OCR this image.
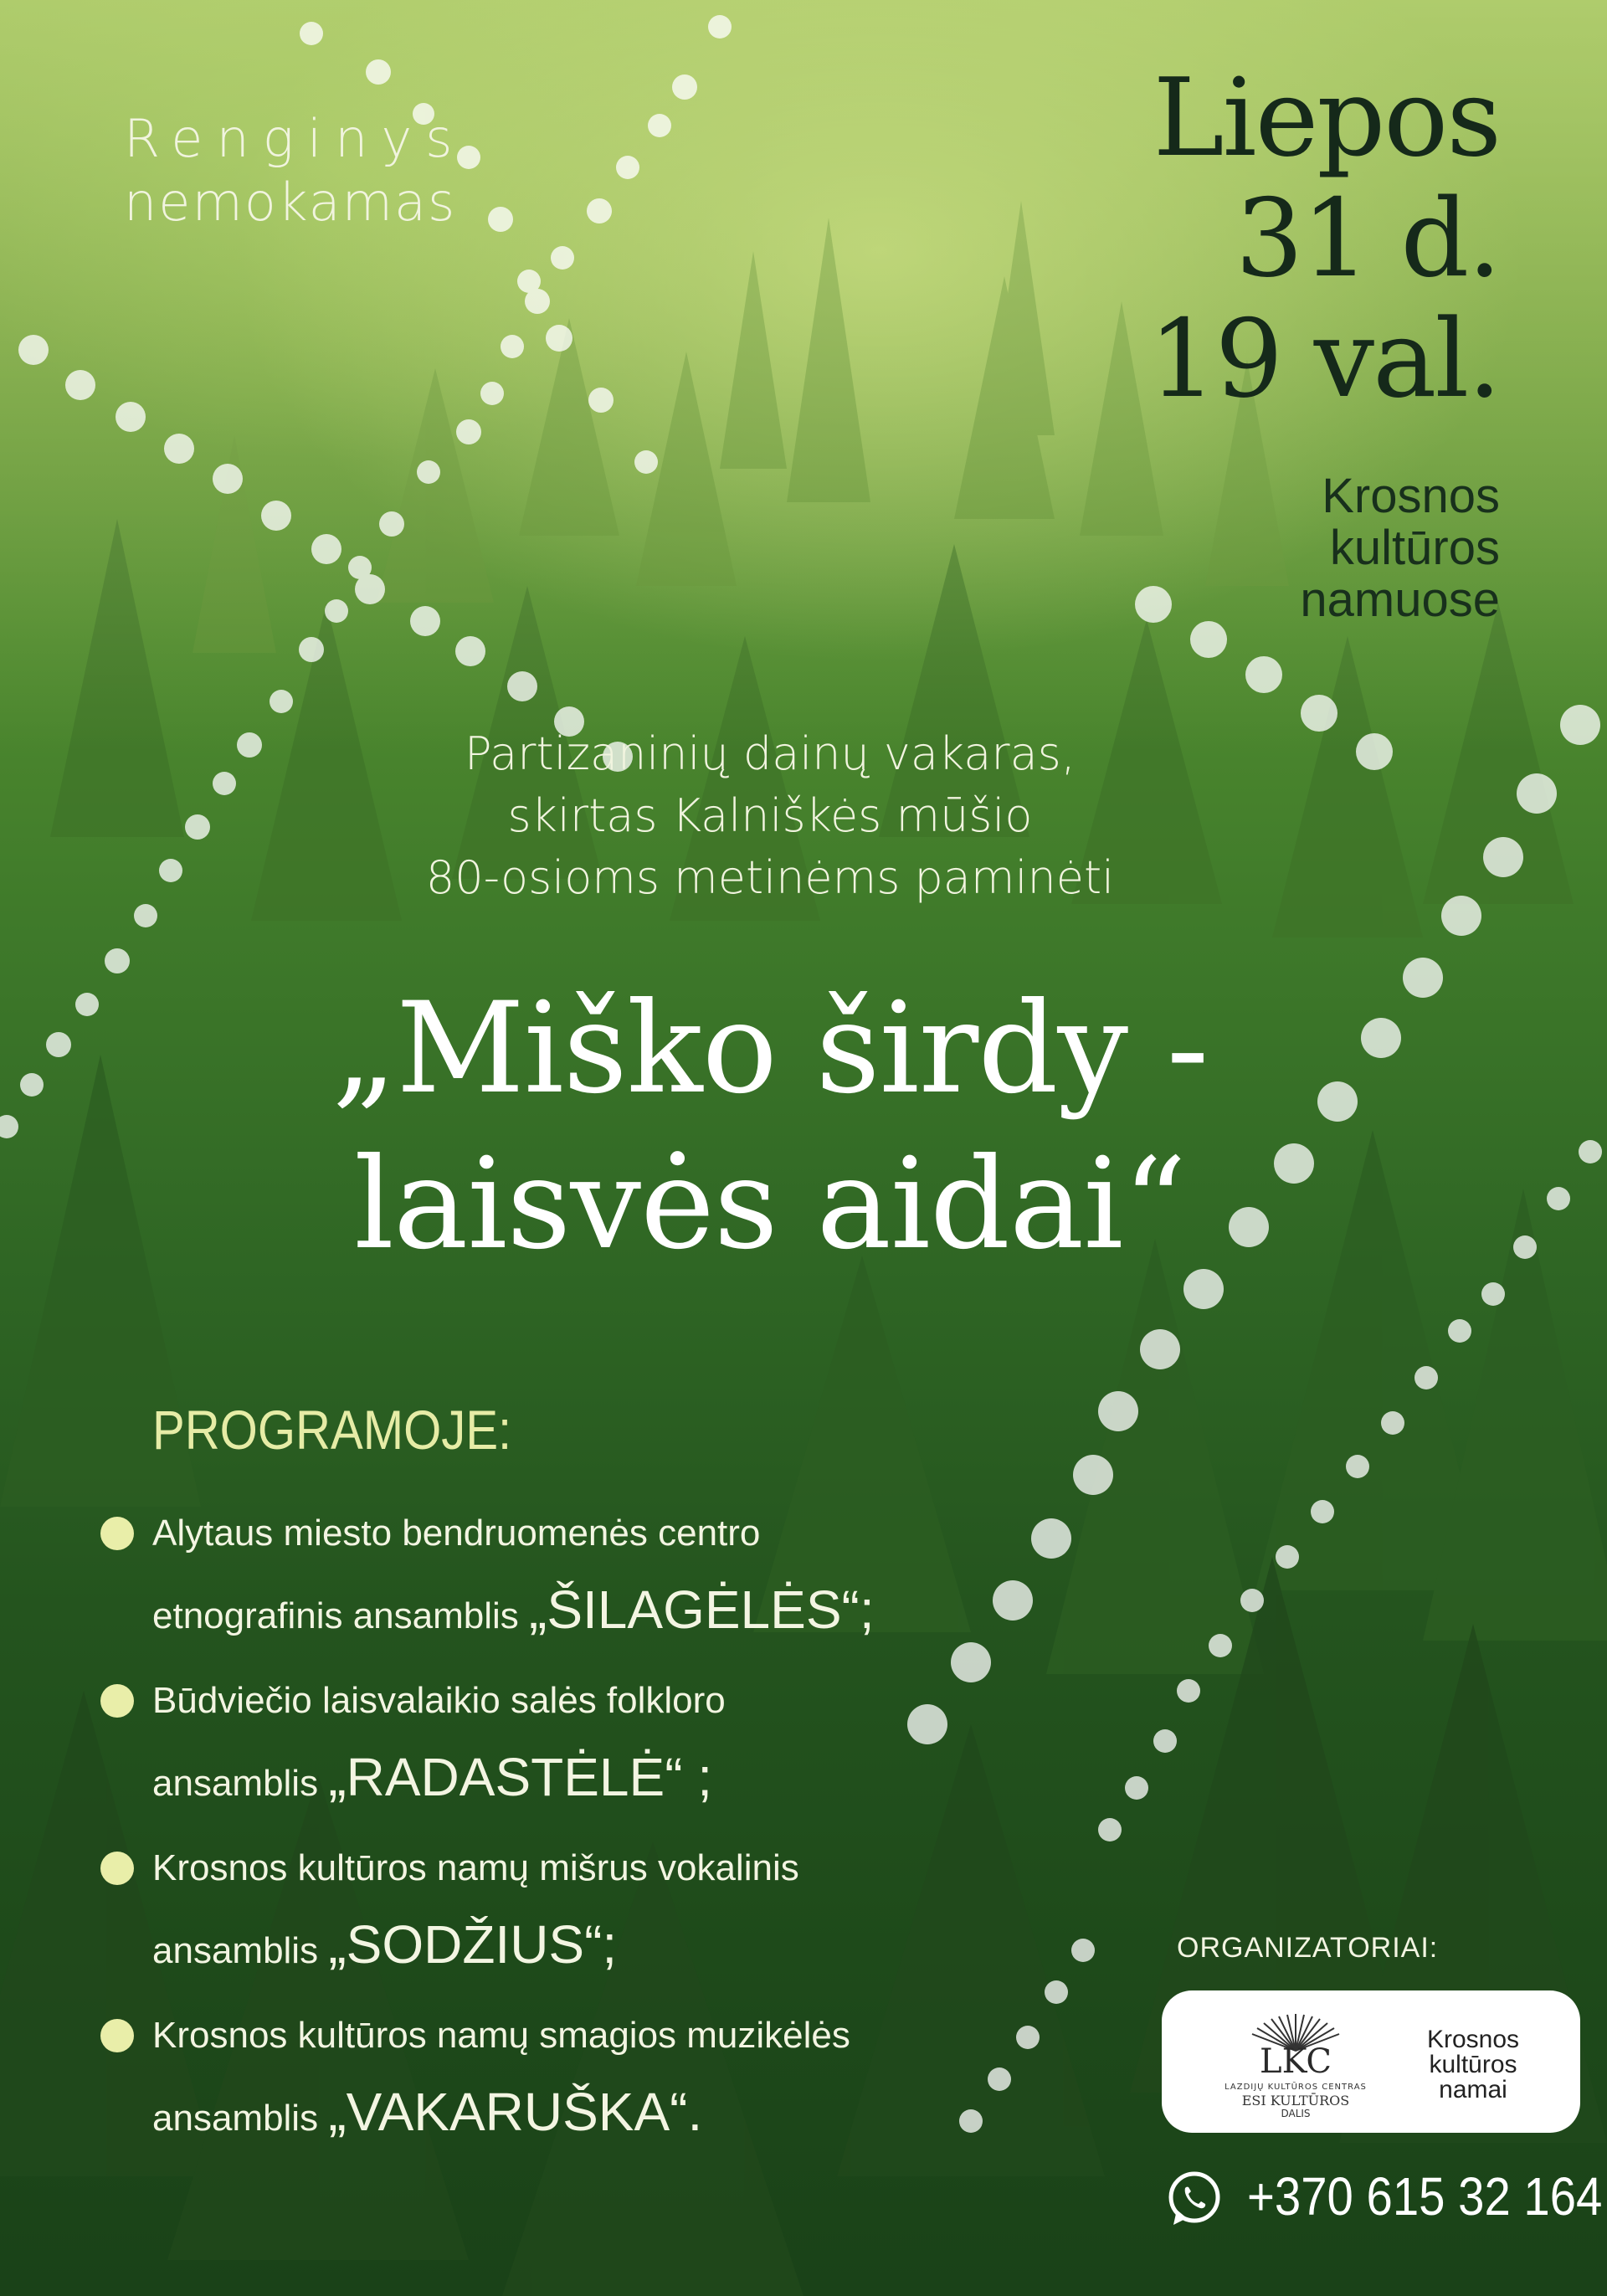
Renginys
nemokamas
Liepos
31 d.
19 val.
Krosnos
kultūros
namuose
Partizaninių dainų vakaras,
skirtas Kalniškės mūšio
80-osioms metinėms paminėti
„Miško širdy -
laisvės aidai“
PROGRAMOJE:
Alytaus miesto bendruomenės centro
etnografinis ansamblis „ŠILAGĖLĖS“;
Būdviečio laisvalaikio salės folkloro
ansamblis „RADASTĖLĖ“ ;
Krosnos kultūros namų mišrus vokalinis
ansamblis „SODŽIUS“;
Krosnos kultūros namų smagios muzikėlės
ansamblis „VAKARUŠKA“.
ORGANIZATORIAI:
LKC
LAZDIJŲ KULTŪROS CENTRAS
ESI KULTŪROS
DALIS
Krosnos
kultūros
namai
+370 615 32 164
